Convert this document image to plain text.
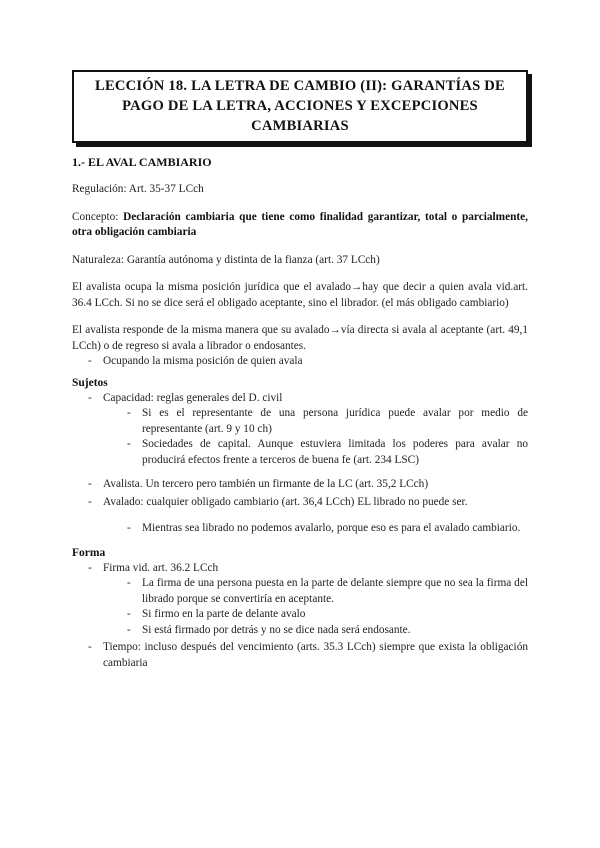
LECCIÓN 18. LA LETRA DE CAMBIO (II): GARANTÍAS DE PAGO DE LA LETRA, ACCIONES Y EXCEPCIONES CAMBIARIAS
1.- EL AVAL CAMBIARIO
Regulación: Art. 35-37 LCch
Concepto: Declaración cambiaria que tiene como finalidad garantizar, total o parcialmente, otra obligación cambiaria
Naturaleza: Garantía autónoma y distinta de la fianza (art. 37 LCch)
El avalista ocupa la misma posición jurídica que el avalado→hay que decir a quien avala vid.art. 36.4 LCch. Si no se dice será el obligado aceptante, sino el librador. (el más obligado cambiario)
El avalista responde de la misma manera que su avalado→vía directa si avala al aceptante (art. 49,1 LCch) o de regreso si avala a librador o endosantes.
- Ocupando la misma posición de quien avala
Sujetos
- Capacidad: reglas generales del D. civil
- Si es el representante de una persona jurídica puede avalar por medio de representante (art. 9 y 10 ch)
- Sociedades de capital. Aunque estuviera limitada los poderes para avalar no producirá efectos frente a terceros de buena fe (art. 234 LSC)
- Avalista. Un tercero pero también un firmante de la LC (art. 35,2 LCch)
- Avalado: cualquier obligado cambiario (art. 36,4 LCch) EL librado no puede ser.
- Mientras sea librado no podemos avalarlo, porque eso es para el avalado cambiario.
Forma
- Firma vid. art. 36.2 LCch
- La firma de una persona puesta en la parte de delante siempre que no sea la firma del librado porque se convertiría en aceptante.
- Si firmo en la parte de delante avalo
- Si está firmado por detrás y no se dice nada será endosante.
- Tiempo: incluso después del vencimiento (arts. 35.3 LCch) siempre que exista la obligación cambiaria
